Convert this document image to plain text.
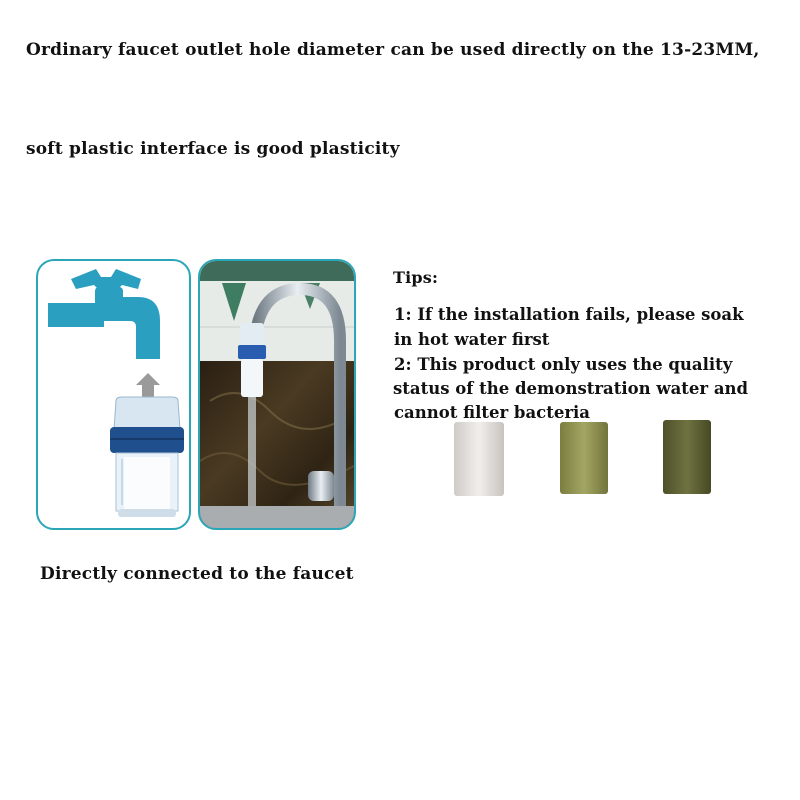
Ordinary faucet outlet hole diameter can be used directly on the 13-23MM,
soft plastic interface is good plasticity
Directly connected to the faucet
Tips:
1: If the installation fails, please soak
in hot water first
2: This product only uses the quality
status of the demonstration water and
cannot filter bacteria
